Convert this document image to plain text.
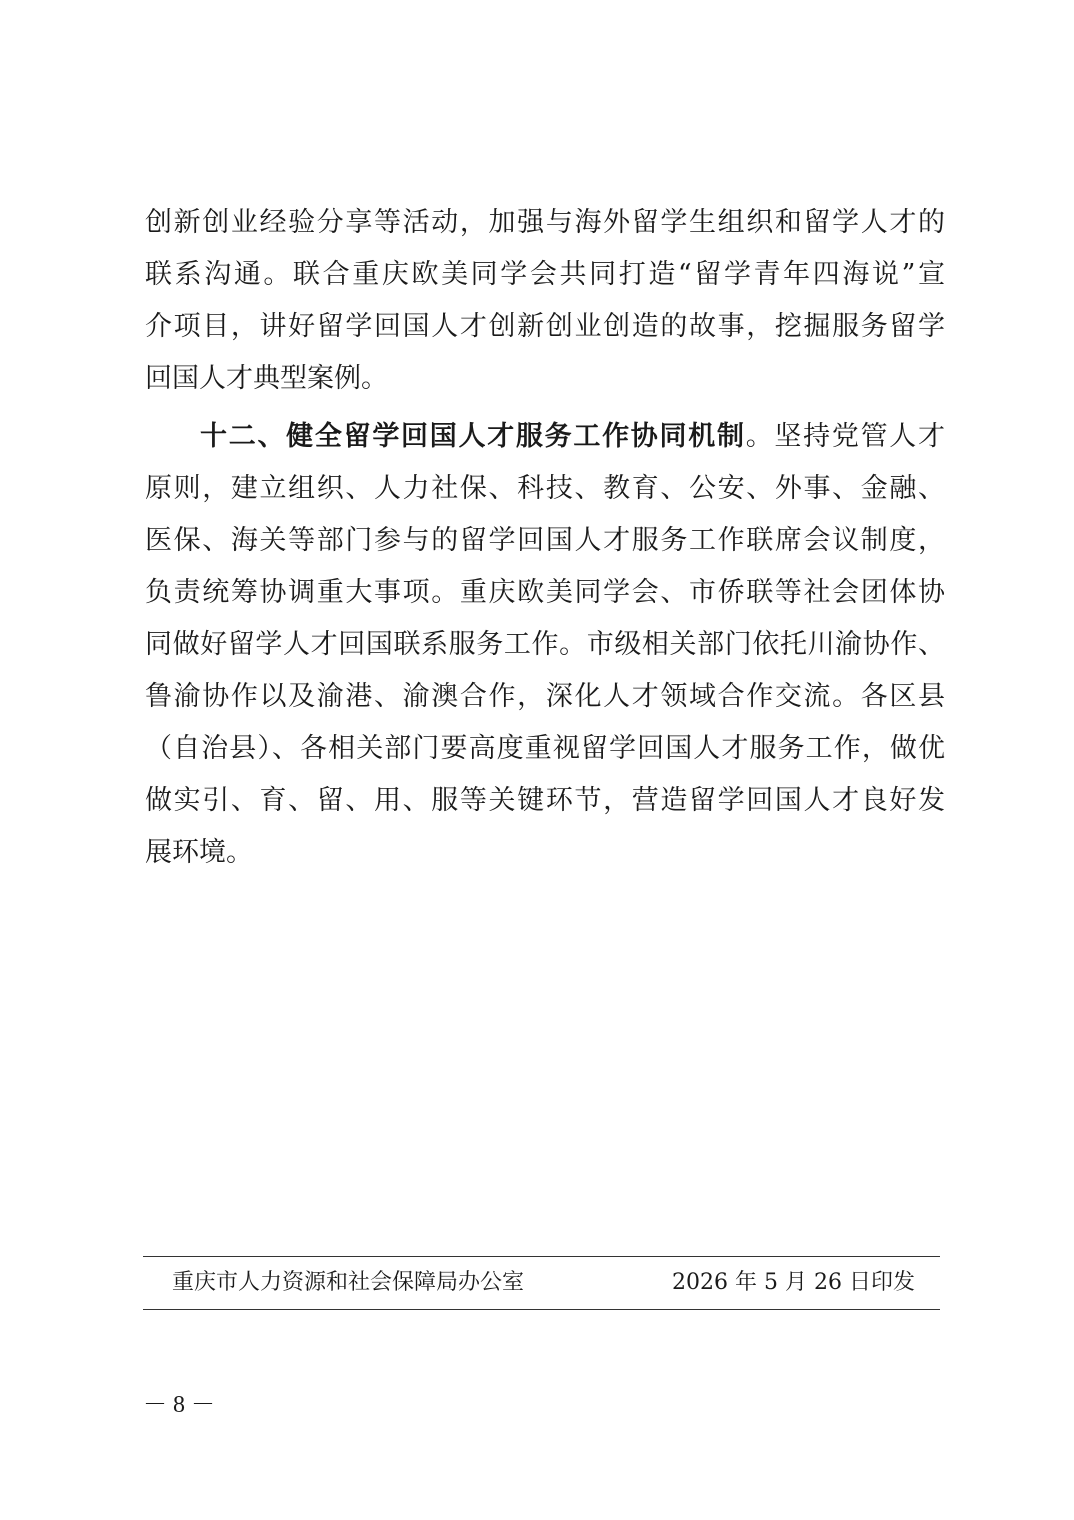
创新创业经验分享等活动，加强与海外留学生组织和留学人才的
联系沟通。联合重庆欧美同学会共同打造“留学青年四海说”宣
介项目，讲好留学回国人才创新创业创造的故事，挖掘服务留学
回国人才典型案例。
十二、健全留学回国人才服务工作协同机制。坚持党管人才
原则，建立组织、人力社保、科技、教育、公安、外事、金融、
医保、海关等部门参与的留学回国人才服务工作联席会议制度，
负责统筹协调重大事项。重庆欧美同学会、市侨联等社会团体协
同做好留学人才回国联系服务工作。市级相关部门依托川渝协作、
鲁渝协作以及渝港、渝澳合作，深化人才领域合作交流。各区县
（自治县）、各相关部门要高度重视留学回国人才服务工作，做优
做实引、育、留、用、服等关键环节，营造留学回国人才良好发
展环境。
重庆市人力资源和社会保障局办公室	2026 年 5 月 26 日印发
－ 8 －
